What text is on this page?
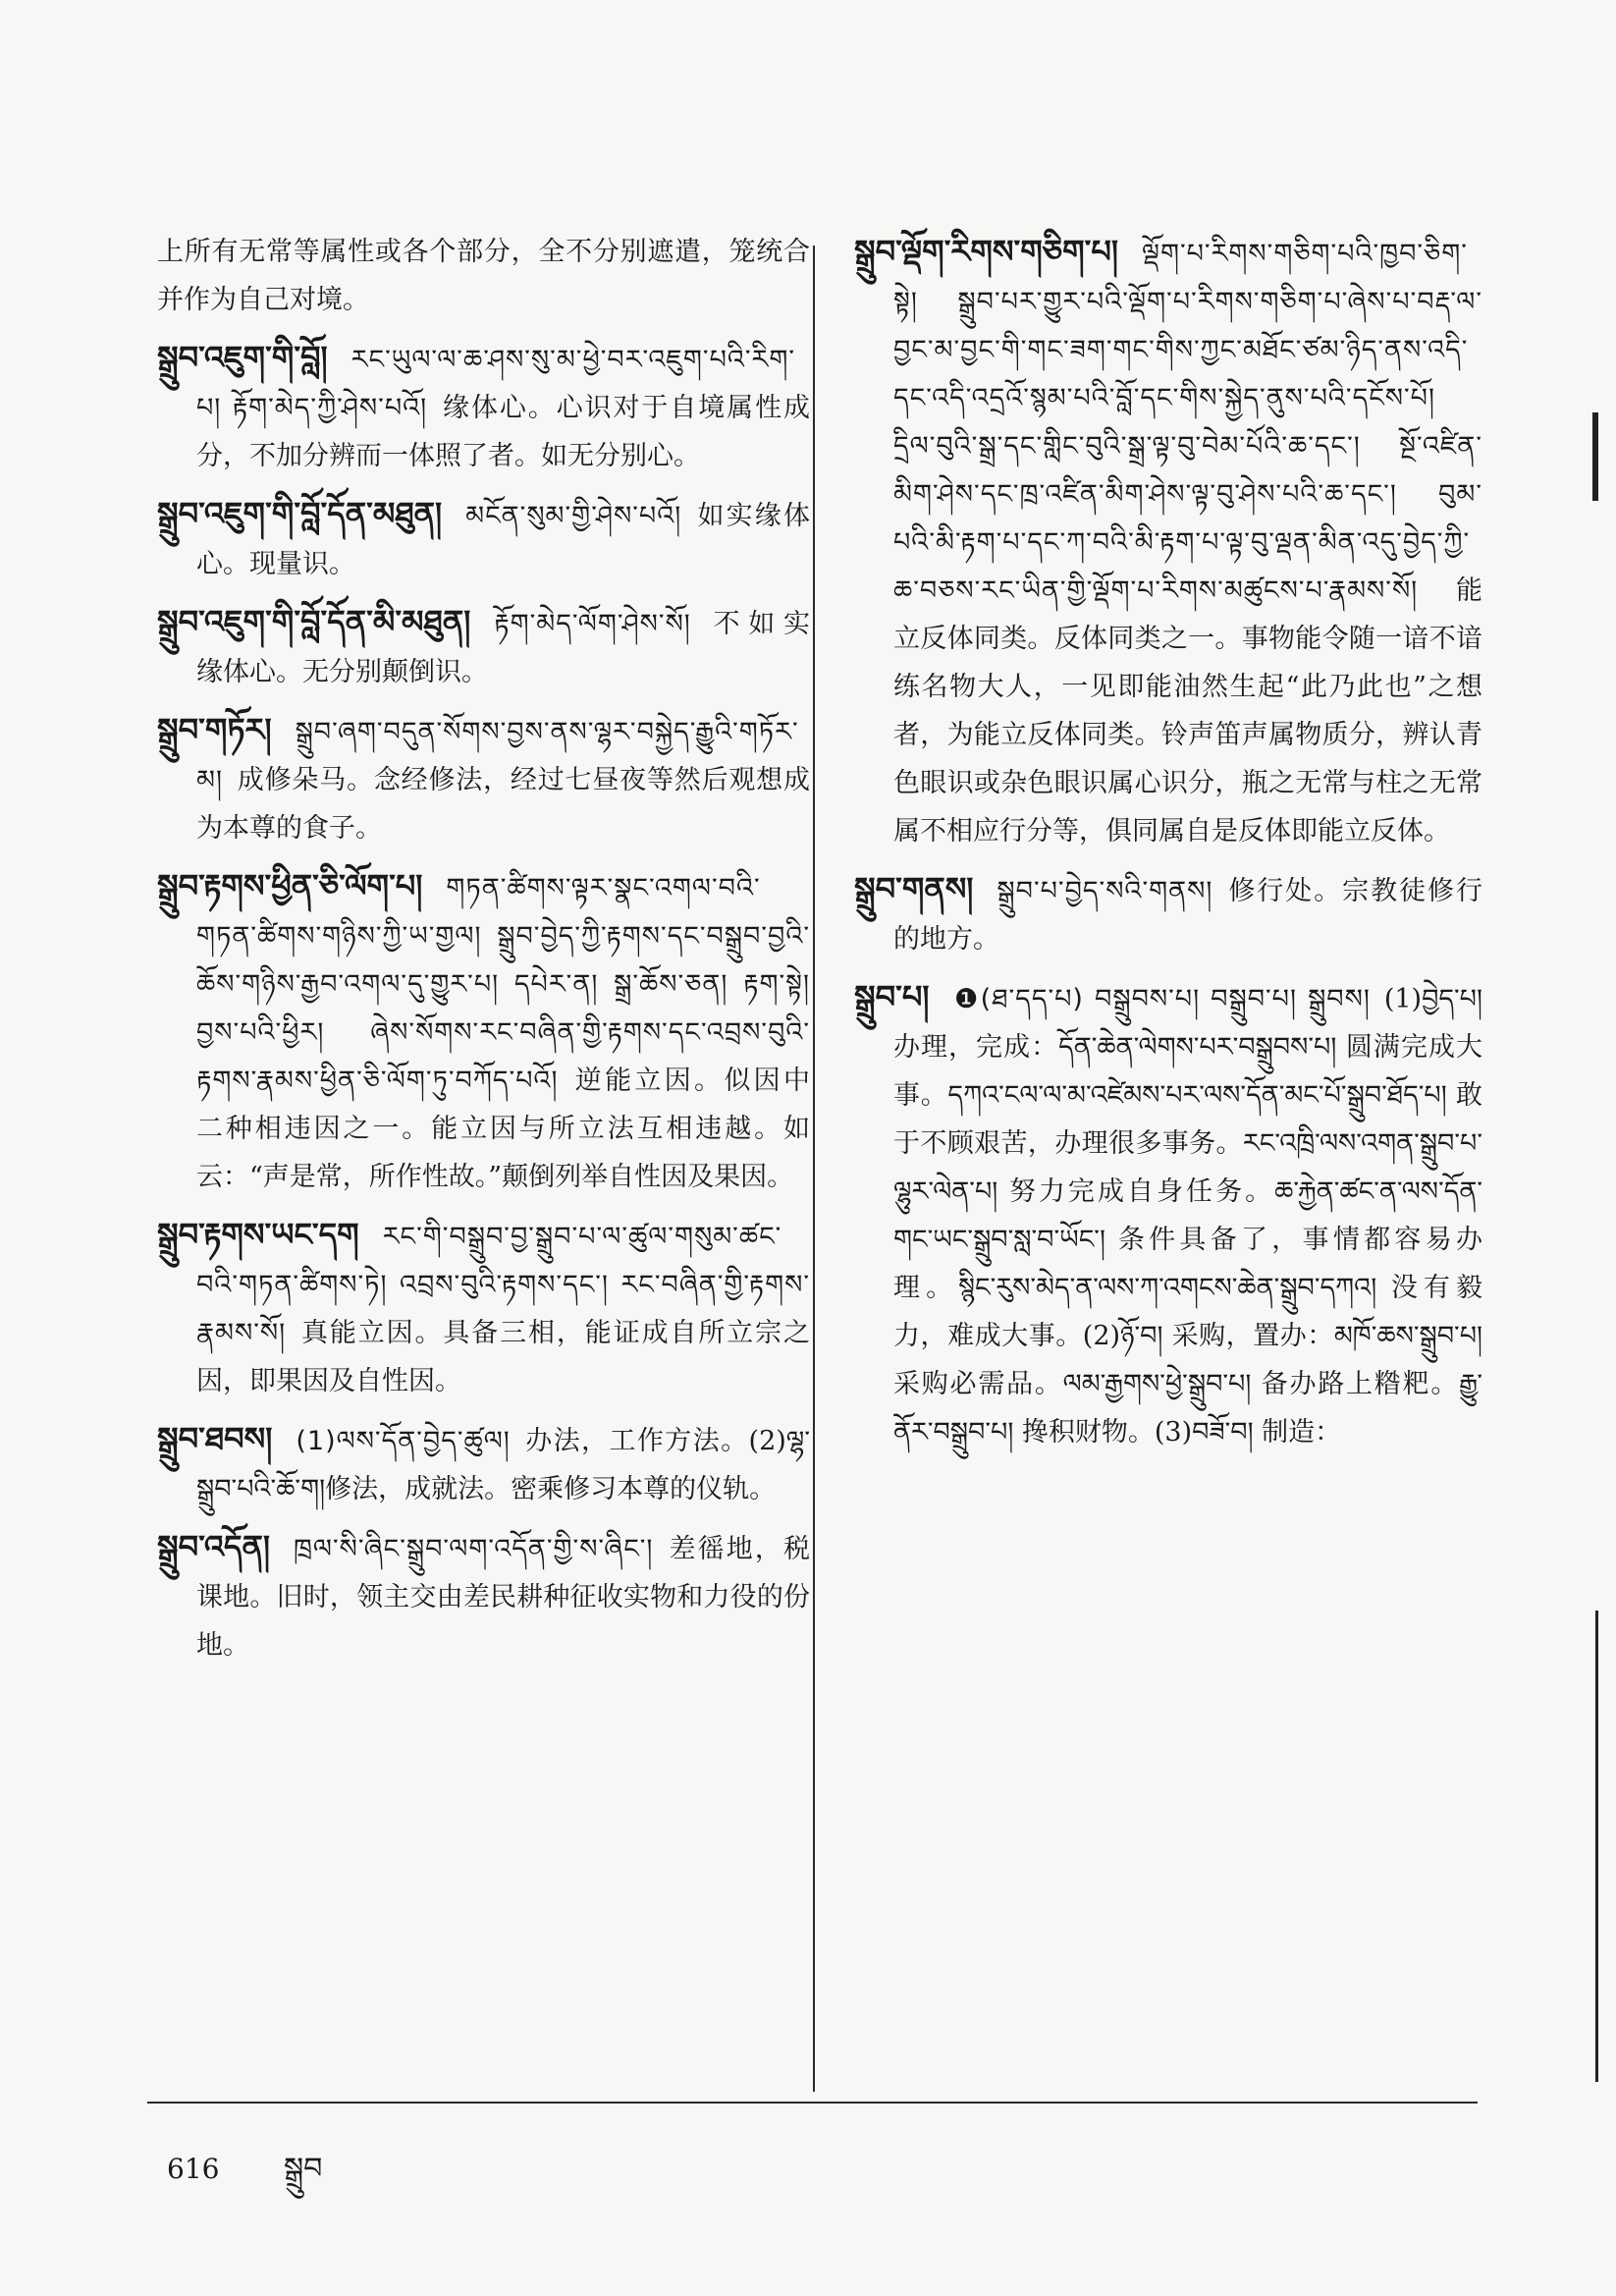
上所有无常等属性或各个部分，全不分别遮遣，笼统合并作为自己对境。
སྒྲུབ་འཇུག་གི་བློ། རང་ཡུལ་ལ་ཆ་ཤས་སུ་མ་ཕྱེ་བར་འཇུག་པའི་རིག་པ། རྟོག་མེད་ཀྱི་ཤེས་པའོ། 缘体心。心识对于自境属性成分，不加分辨而一体照了者。如无分别心。
སྒྲུབ་འཇུག་གི་བློ་དོན་མཐུན། མངོན་སུམ་གྱི་ཤེས་པའོ། 如实缘体心。现量识。
སྒྲུབ་འཇུག་གི་བློ་དོན་མི་མཐུན། རྟོག་མེད་ལོག་ཤེས་སོ། 不如实缘体心。无分别颠倒识。
སྒྲུབ་གཏོར། སྒྲུབ་ཞག་བདུན་སོགས་བྱས་ནས་ལྷར་བསྐྱེད་རྒྱུའི་གཏོར་མ། 成修朵马。念经修法，经过七昼夜等然后观想成为本尊的食子。
སྒྲུབ་རྟགས་ཕྱིན་ཅི་ལོག་པ། གཏན་ཚིགས་ལྟར་སྣང་འགལ་བའི་གཏན་ཚིགས་གཉིས་ཀྱི་ཡ་གྱལ། སྒྲུབ་བྱེད་ཀྱི་རྟགས་དང་བསྒྲུབ་བྱའི་ཆོས་གཉིས་རྒྱབ་འགལ་དུ་གྱུར་པ། དཔེར་ན། སྒྲ་ཆོས་ཅན། རྟག་སྟེ། བྱས་པའི་ཕྱིར། ཞེས་སོགས་རང་བཞིན་གྱི་རྟགས་དང་འབྲས་བུའི་རྟགས་རྣམས་ཕྱིན་ཅི་ལོག་ཏུ་བཀོད་པའོ། 逆能立因。似因中二种相违因之一。能立因与所立法互相违越。如云：“声是常，所作性故。”颠倒列举自性因及果因。
སྒྲུབ་རྟགས་ཡང་དག རང་གི་བསྒྲུབ་བྱ་སྒྲུབ་པ་ལ་ཚུལ་གསུམ་ཚང་བའི་གཏན་ཚིགས་ཏེ། འབྲས་བུའི་རྟགས་དང་། རང་བཞིན་གྱི་རྟགས་རྣམས་སོ། 真能立因。具备三相，能证成自所立宗之因，即果因及自性因。
སྒྲུབ་ཐབས། (1)ལས་དོན་བྱེད་ཚུལ། 办法，工作方法。(2)ལྷ་སྒྲུབ་པའི་ཆོ་ག།修法，成就法。密乘修习本尊的仪轨。
སྒྲུབ་འདོན། ཁྲལ་སི་ཞིང་སྒྲུབ་ལག་འདོན་གྱི་ས་ཞིང་། 差徭地，税课地。旧时，领主交由差民耕种征收实物和力役的份地。
སྒྲུབ་ལྡོག་རིགས་གཅིག་པ། ལྡོག་པ་རིགས་གཅིག་པའི་ཁྱབ་ཅིག་སྟེ། སྒྲུབ་པར་གྱུར་པའི་ལྡོག་པ་རིགས་གཅིག་པ་ཞེས་པ་བརྡ་ལ་བྱང་མ་བྱང་གི་གང་ཟག་གང་གིས་ཀྱང་མཐོང་ཙམ་ཉིད་ནས་འདི་དང་འདི་འདྲའོ་སྙམ་པའི་བློ་དང་གིས་སྐྱེད་ནུས་པའི་དངོས་པོ། དྲིལ་བུའི་སྒྲ་དང་གླིང་བུའི་སྒྲ་ལྟ་བུ་བེམ་པོའི་ཆ་དང་། སྔོ་འཛིན་མིག་ཤེས་དང་ཁྲ་འཛིན་མིག་ཤེས་ལྟ་བུ་ཤེས་པའི་ཆ་དང་། བུམ་པའི་མི་རྟག་པ་དང་ཀ་བའི་མི་རྟག་པ་ལྟ་བུ་ལྡན་མིན་འདུ་བྱེད་ཀྱི་ཆ་བཅས་རང་ཡིན་གྱི་ལྡོག་པ་རིགས་མཚུངས་པ་རྣམས་སོ། 能立反体同类。反体同类之一。事物能令随一谙不谙练名物大人，一见即能油然生起“此乃此也”之想者，为能立反体同类。铃声笛声属物质分，辨认青色眼识或杂色眼识属心识分，瓶之无常与柱之无常属不相应行分等，俱同属自是反体即能立反体。
སྒྲུབ་གནས། སྒྲུབ་པ་བྱེད་སའི་གནས། 修行处。宗教徒修行的地方。
སྒྲུབ་པ། ❶(ཐ་དད་པ) བསྒྲུབས་པ། བསྒྲུབ་པ། སྒྲུབས། (1)བྱེད་པ། 办理，完成：དོན་ཆེན་ལེགས་པར་བསྒྲུབས་པ། 圆满完成大事。དཀའ་ངལ་ལ་མ་འཛེམས་པར་ལས་དོན་མང་པོ་སྒྲུབ་ཐོད་པ། 敢于不顾艰苦，办理很多事务。རང་འཁྲི་ལས་འགན་སྒྲུབ་པ་ལྷུར་ལེན་པ། 努力完成自身任务。ཆ་རྐྱེན་ཚང་ན་ལས་དོན་གང་ཡང་སྒྲུབ་སླ་བ་ཡོང་། 条件具备了，事情都容易办理。སྙིང་རུས་མེད་ན་ལས་ཀ་འགངས་ཆེན་སྒྲུབ་དཀའ། 没有毅力，难成大事。(2)ཉོ་བ། 采购，置办：མཁོ་ཆས་སྒྲུབ་པ། 采购必需品。ལམ་རྒྱགས་ཕྱེ་སྒྲུབ་པ། 备办路上糌粑。རྒྱུ་ནོར་བསྒྲུབ་པ། 搀积财物。(3)བཟོ་བ། 制造：
616 སྒྲུབ
